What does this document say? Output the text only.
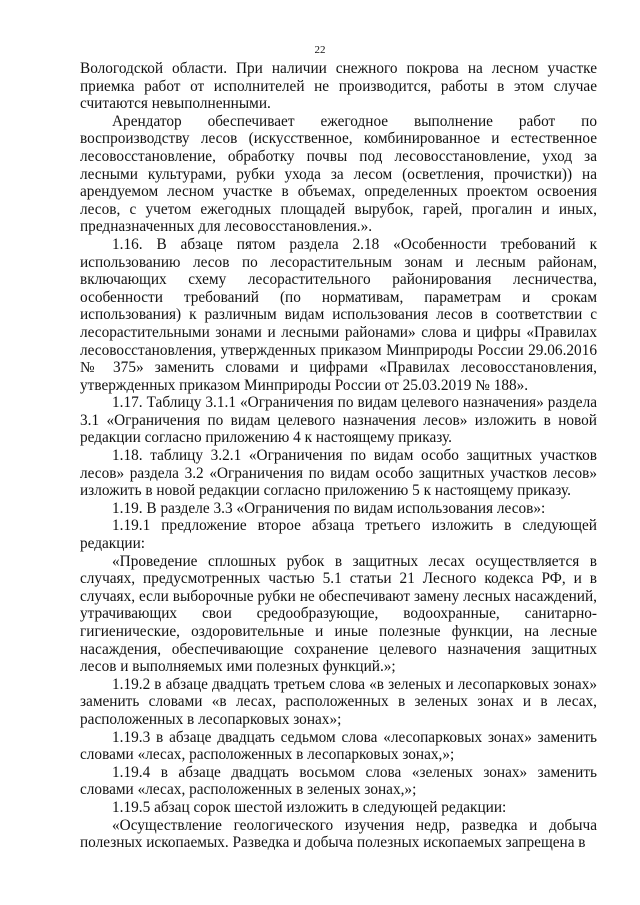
22

Вологодской области. При наличии снежного покрова на лесном участке приемка работ от исполнителей не производится, работы в этом случае считаются невыполненными.

Арендатор обеспечивает ежегодное выполнение работ по воспроизводству лесов (искусственное, комбинированное и естественное лесовосстановление, обработку почвы под лесовосстановление, уход за лесными культурами, рубки ухода за лесом (осветления, прочистки)) на арендуемом лесном участке в объемах, определенных проектом освоения лесов, с учетом ежегодных площадей вырубок, гарей, прогалин и иных, предназначенных для лесовосстановления.».

1.16. В абзаце пятом раздела 2.18 «Особенности требований к использованию лесов по лесорастительным зонам и лесным районам, включающих схему лесорастительного районирования лесничества, особенности требований (по нормативам, параметрам и срокам использования) к различным видам использования лесов в соответствии с лесорастительными зонами и лесными районами» слова и цифры «Правилах лесовосстановления, утвержденных приказом Минприроды России 29.06.2016 № 375» заменить словами и цифрами «Правилах лесовосстановления, утвержденных приказом Минприроды России от 25.03.2019 № 188».

1.17. Таблицу 3.1.1 «Ограничения по видам целевого назначения» раздела 3.1 «Ограничения по видам целевого назначения лесов» изложить в новой редакции согласно приложению 4 к настоящему приказу.

1.18. таблицу 3.2.1 «Ограничения по видам особо защитных участков лесов» раздела 3.2 «Ограничения по видам особо защитных участков лесов» изложить в новой редакции согласно приложению 5 к настоящему приказу.

1.19. В разделе 3.3 «Ограничения по видам использования лесов»:

1.19.1 предложение второе абзаца третьего изложить в следующей редакции:

«Проведение сплошных рубок в защитных лесах осуществляется в случаях, предусмотренных частью 5.1 статьи 21 Лесного кодекса РФ, и в случаях, если выборочные рубки не обеспечивают замену лесных насаждений, утрачивающих свои средообразующие, водоохранные, санитарно-гигиенические, оздоровительные и иные полезные функции, на лесные насаждения, обеспечивающие сохранение целевого назначения защитных лесов и выполняемых ими полезных функций.»;

1.19.2 в абзаце двадцать третьем слова «в зеленых и лесопарковых зонах» заменить словами «в лесах, расположенных в зеленых зонах и в лесах, расположенных в лесопарковых зонах»;

1.19.3 в абзаце двадцать седьмом слова «лесопарковых зонах» заменить словами «лесах, расположенных в лесопарковых зонах,»;

1.19.4 в абзаце двадцать восьмом слова «зеленых зонах» заменить словами «лесах, расположенных в зеленых зонах,»;

1.19.5 абзац сорок шестой изложить в следующей редакции:

«Осуществление геологического изучения недр, разведка и добыча полезных ископаемых. Разведка и добыча полезных ископаемых запрещена в
